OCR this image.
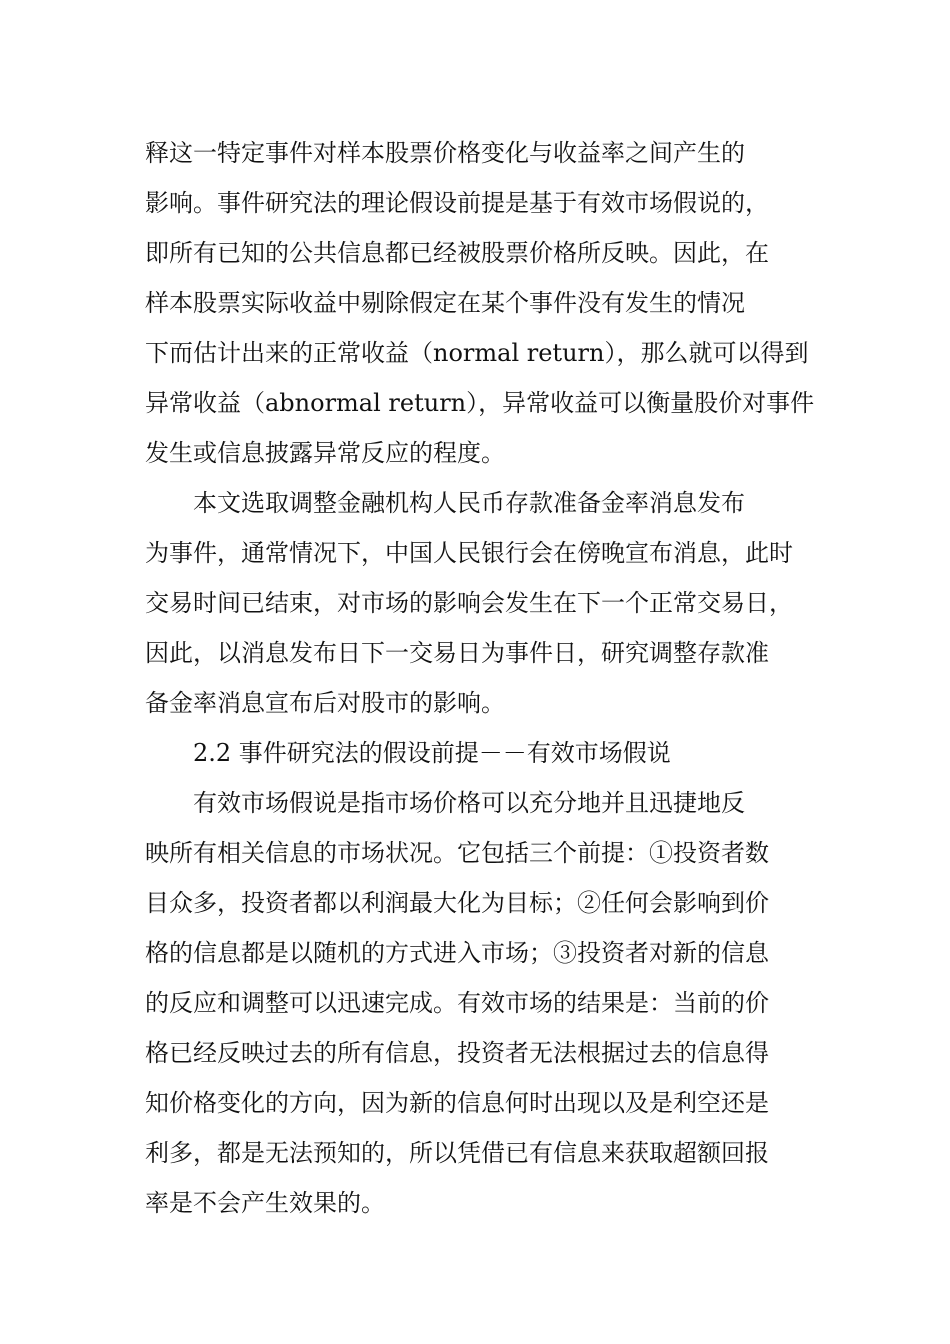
释这一特定事件对样本股票价格变化与收益率之间产生的
影响。事件研究法的理论假设前提是基于有效市场假说的，
即所有已知的公共信息都已经被股票价格所反映。因此，在
样本股票实际收益中剔除假定在某个事件没有发生的情况
下而估计出来的正常收益（normal return），那么就可以得到
异常收益（abnormal return），异常收益可以衡量股价对事件
发生或信息披露异常反应的程度。
本文选取调整金融机构人民币存款准备金率消息发布
为事件，通常情况下，中国人民银行会在傍晚宣布消息，此时
交易时间已结束，对市场的影响会发生在下一个正常交易日，
因此，以消息发布日下一交易日为事件日，研究调整存款准
备金率消息宣布后对股市的影响。
2.2 事件研究法的假设前提－－有效市场假说
有效市场假说是指市场价格可以充分地并且迅捷地反
映所有相关信息的市场状况。它包括三个前提：①投资者数
目众多，投资者都以利润最大化为目标；②任何会影响到价
格的信息都是以随机的方式进入市场；③投资者对新的信息
的反应和调整可以迅速完成。有效市场的结果是：当前的价
格已经反映过去的所有信息，投资者无法根据过去的信息得
知价格变化的方向，因为新的信息何时出现以及是利空还是
利多，都是无法预知的，所以凭借已有信息来获取超额回报
率是不会产生效果的。
